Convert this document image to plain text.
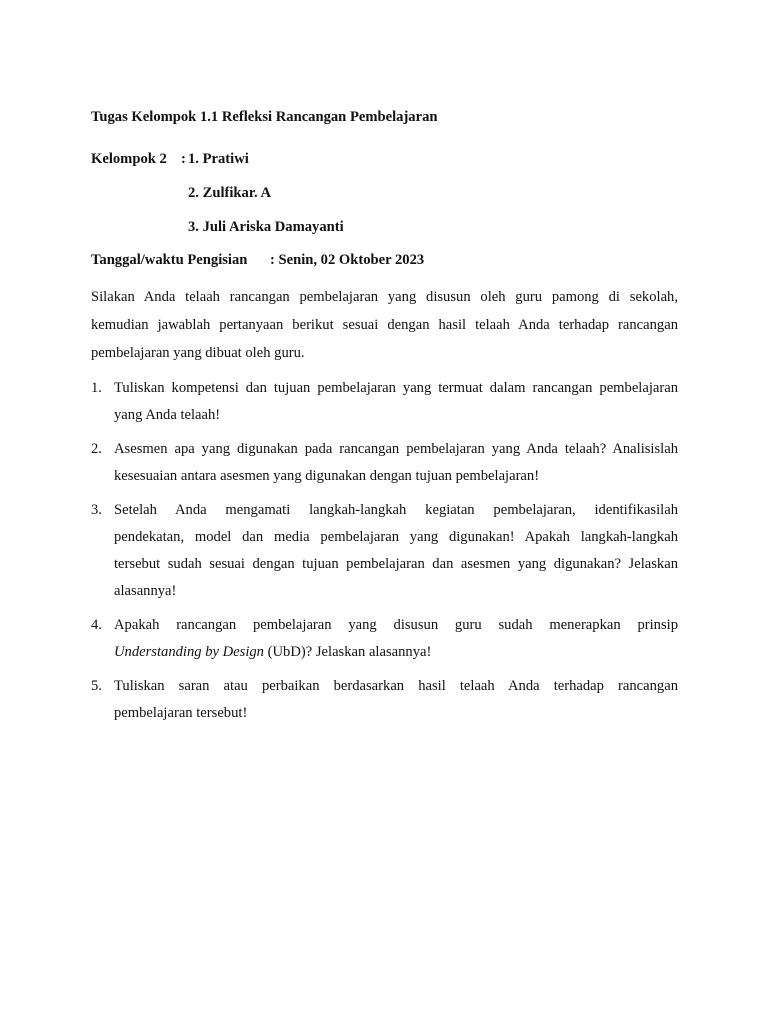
Tugas Kelompok 1.1 Refleksi Rancangan Pembelajaran
Kelompok 2 : 1. Pratiwi
2. Zulfikar. A
3. Juli Ariska Damayanti
Tanggal/waktu Pengisian : Senin, 02 Oktober 2023
Silakan Anda telaah rancangan pembelajaran yang disusun oleh guru pamong di sekolah,
kemudian jawablah pertanyaan berikut sesuai dengan hasil telaah Anda terhadap rancangan
pembelajaran yang dibuat oleh guru.
1. Tuliskan kompetensi dan tujuan pembelajaran yang termuat dalam rancangan pembelajaran
yang Anda telaah!
2. Asesmen apa yang digunakan pada rancangan pembelajaran yang Anda telaah? Analisislah
kesesuaian antara asesmen yang digunakan dengan tujuan pembelajaran!
3. Setelah Anda mengamati langkah-langkah kegiatan pembelajaran, identifikasilah
pendekatan, model dan media pembelajaran yang digunakan! Apakah langkah-langkah
tersebut sudah sesuai dengan tujuan pembelajaran dan asesmen yang digunakan? Jelaskan
alasannya!
4. Apakah rancangan pembelajaran yang disusun guru sudah menerapkan prinsip
Understanding by Design (UbD)? Jelaskan alasannya!
5. Tuliskan saran atau perbaikan berdasarkan hasil telaah Anda terhadap rancangan
pembelajaran tersebut!
